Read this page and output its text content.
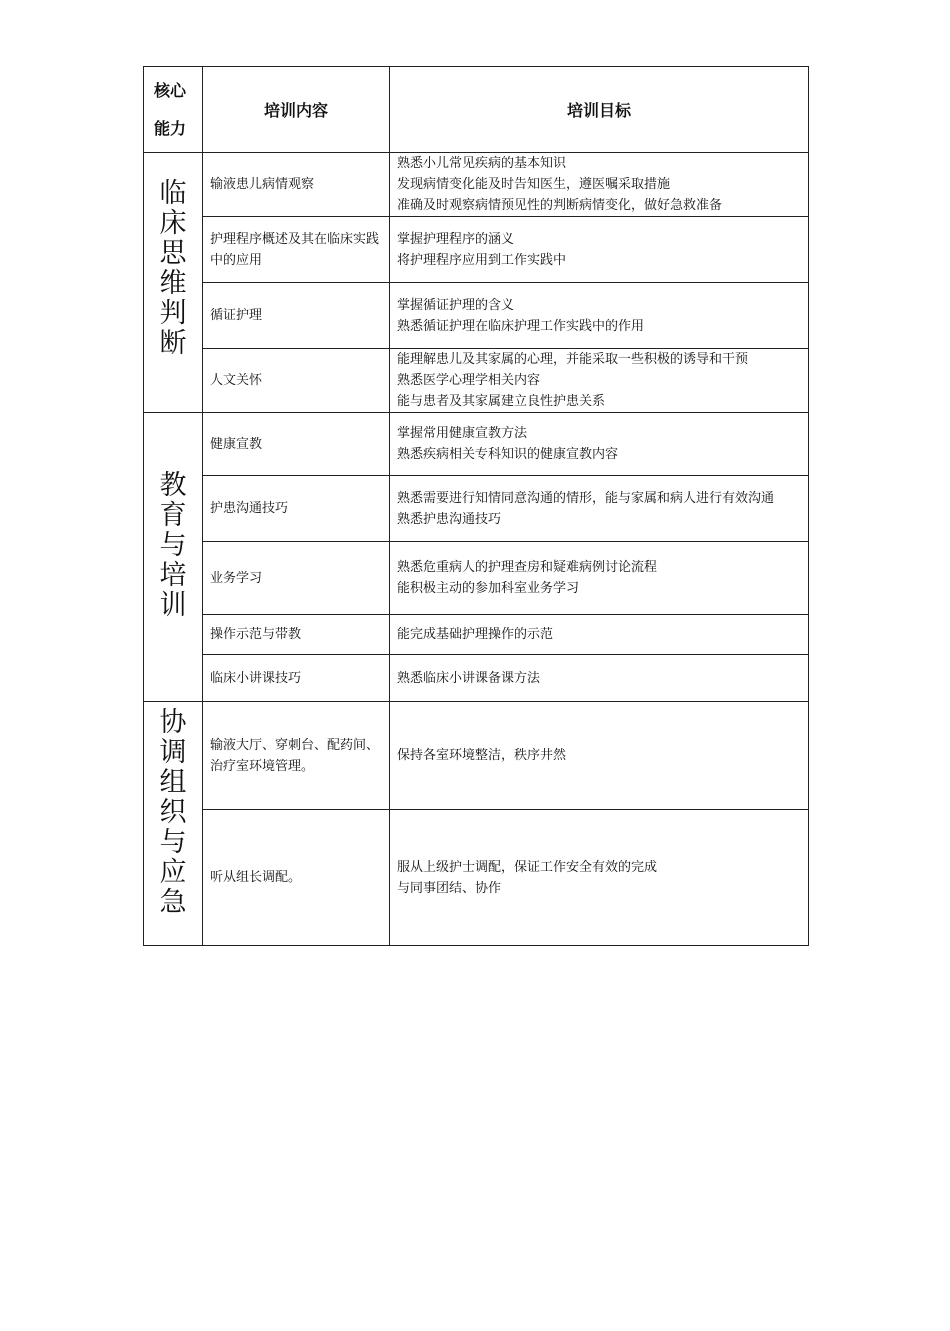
核心
能力	培训内容	培训目标

临床思维判断	输液患儿病情观察	熟悉小儿常见疾病的基本知识
发现病情变化能及时告知医生，遵医嘱采取措施
准确及时观察病情预见性的判断病情变化，做好急救准备

	护理程序概述及其在临床实践中的应用	掌握护理程序的涵义
将护理程序应用到工作实践中

	循证护理	掌握循证护理的含义
熟悉循证护理在临床护理工作实践中的作用

	人文关怀	能理解患儿及其家属的心理，并能采取一些积极的诱导和干预
熟悉医学心理学相关内容
能与患者及其家属建立良性护患关系

教育与培训	健康宣教	掌握常用健康宣教方法
熟悉疾病相关专科知识的健康宣教内容

	护患沟通技巧	熟悉需要进行知情同意沟通的情形，能与家属和病人进行有效沟通
熟悉护患沟通技巧

	业务学习	熟悉危重病人的护理查房和疑难病例讨论流程
能积极主动的参加科室业务学习

	操作示范与带教	能完成基础护理操作的示范

	临床小讲课技巧	熟悉临床小讲课备课方法

协调组织与应急	输液大厅、穿刺台、配药间、治疗室环境管理。	保持各室环境整洁，秩序井然

	听从组长调配。	服从上级护士调配，保证工作安全有效的完成
与同事团结、协作
